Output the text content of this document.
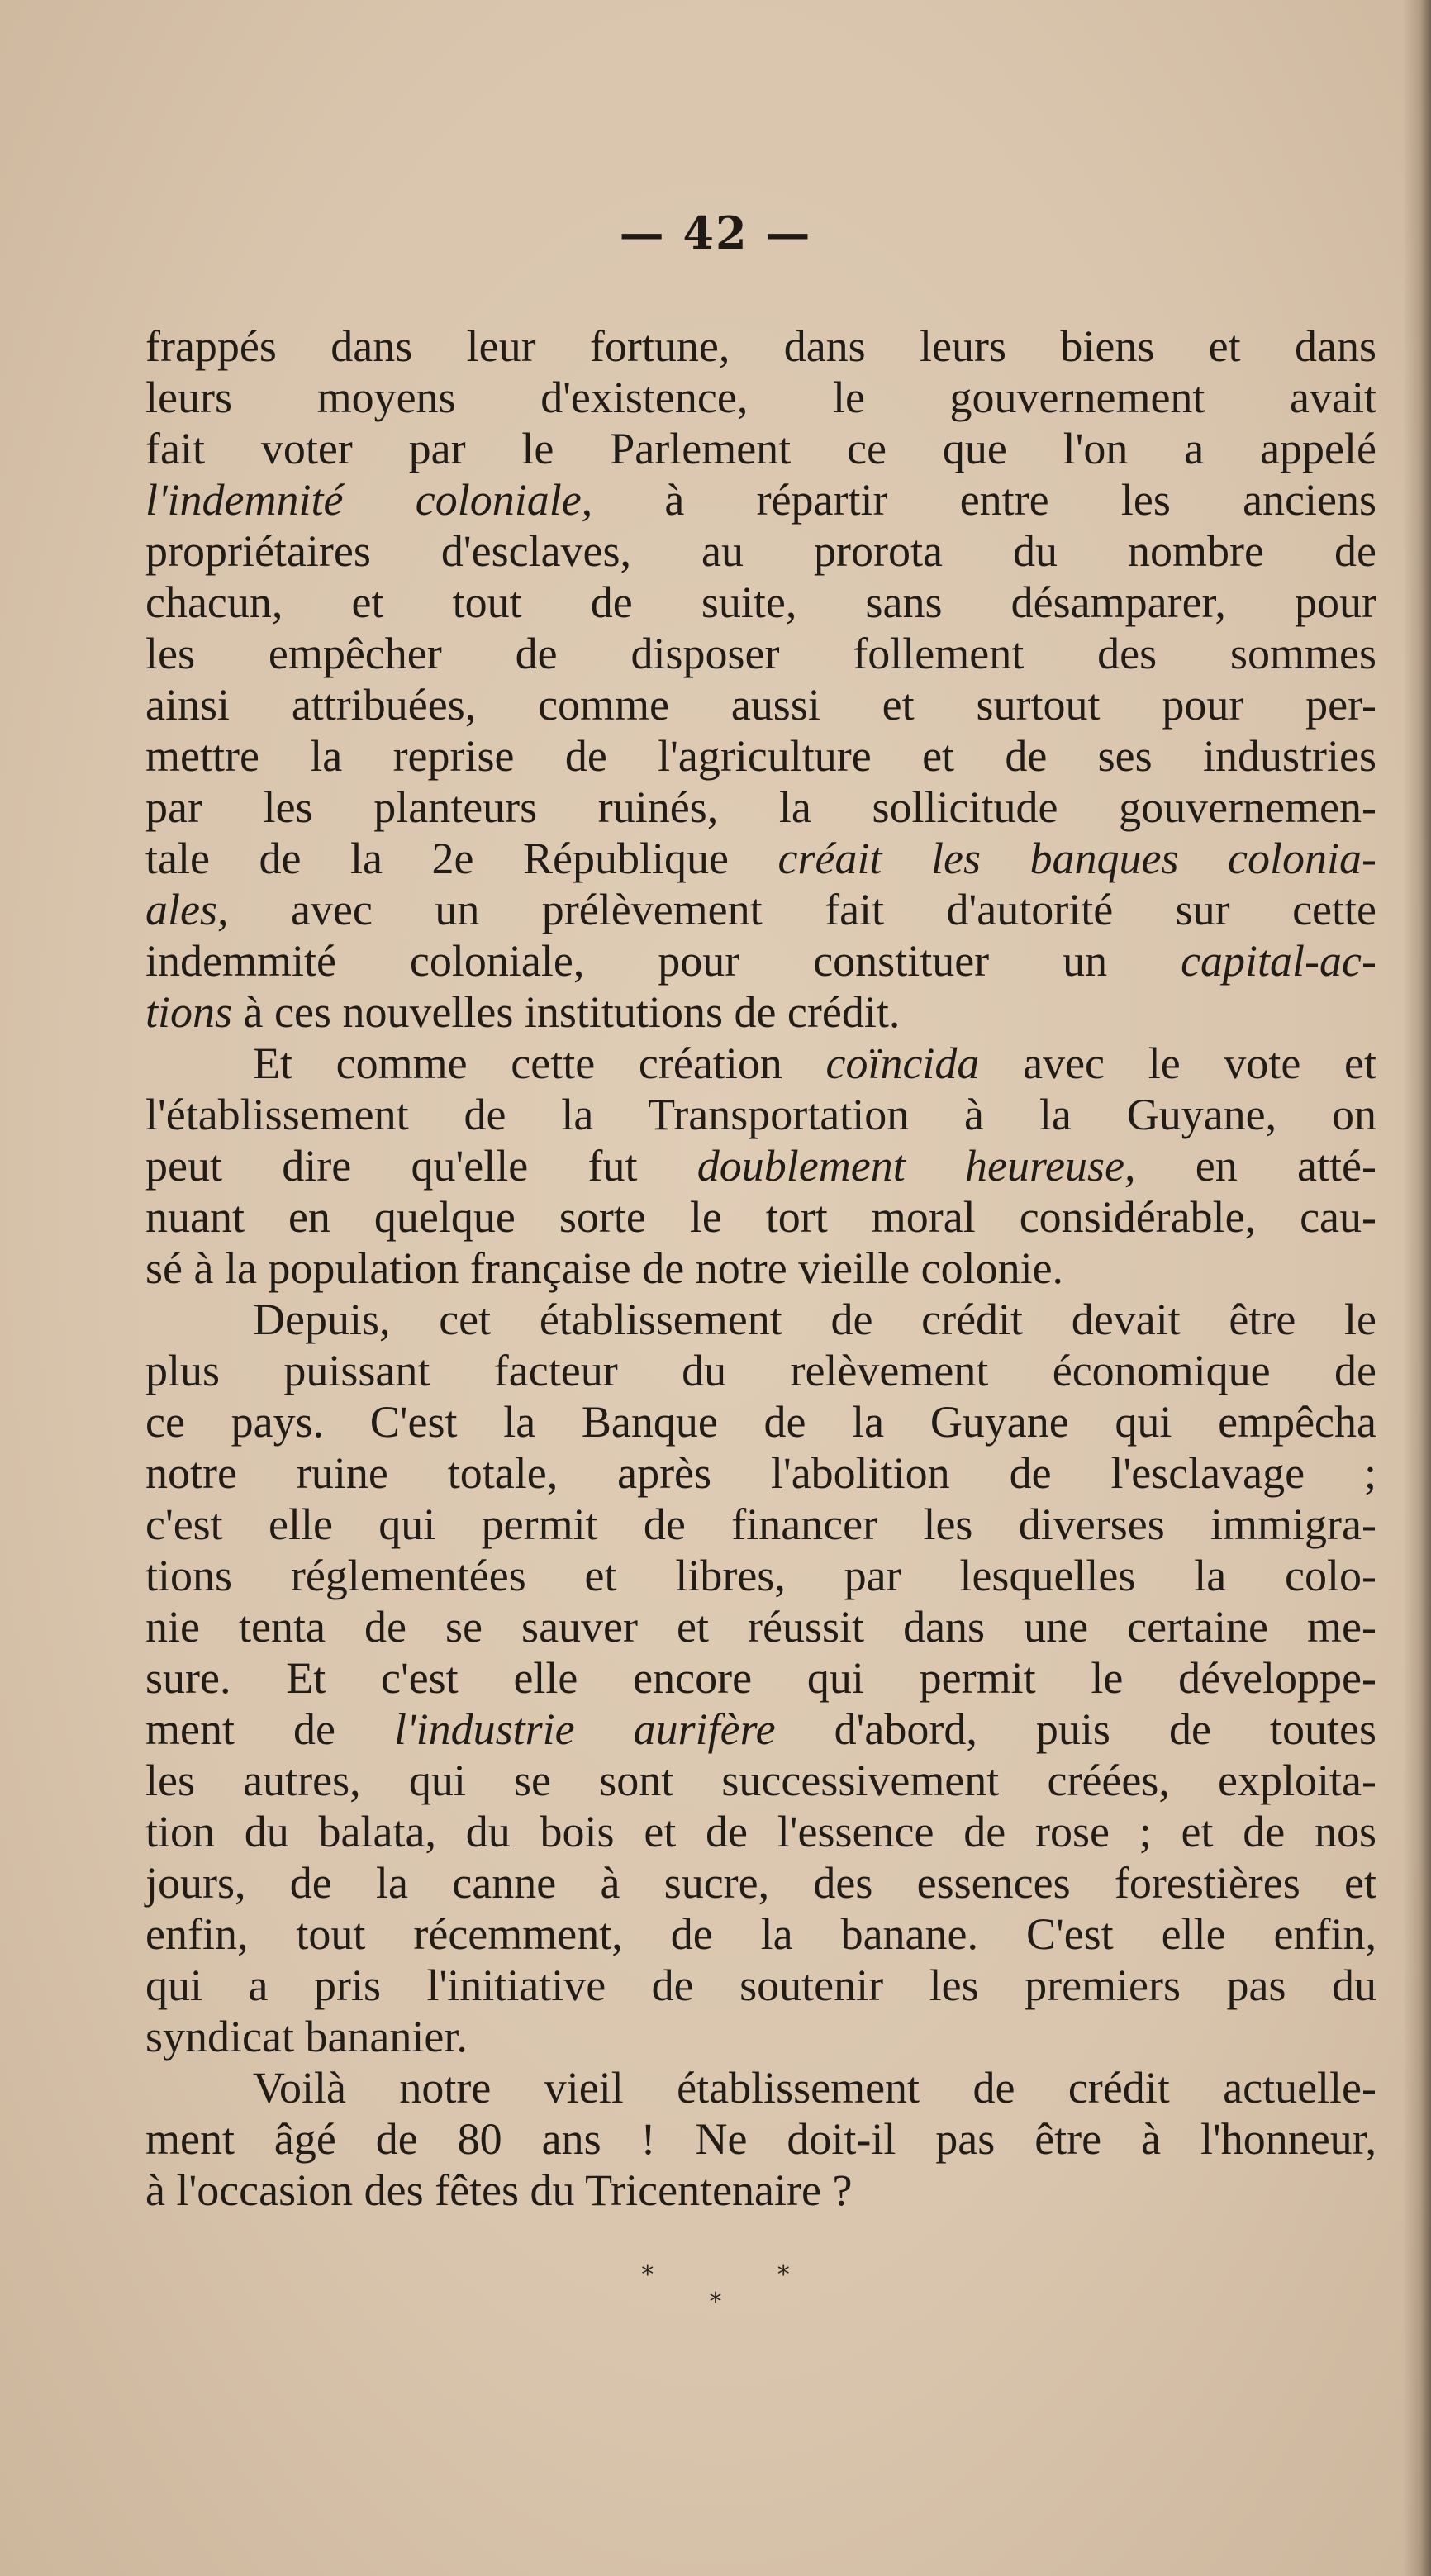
— 42 —
frappés dans leur fortune, dans leurs biens et dans
leurs moyens d'existence, le gouvernement avait
fait voter par le Parlement ce que l'on a appelé
l'indemnité coloniale, à répartir entre les anciens
propriétaires d'esclaves, au prorota du nombre de
chacun, et tout de suite, sans désamparer, pour
les empêcher de disposer follement des sommes
ainsi attribuées, comme aussi et surtout pour per-
mettre la reprise de l'agriculture et de ses industries
par les planteurs ruinés, la sollicitude gouvernemen-
tale de la 2e République créait les banques colonia-
ales, avec un prélèvement fait d'autorité sur cette
indemmité coloniale, pour constituer un capital-ac-
tions à ces nouvelles institutions de crédit.
Et comme cette création coïncida avec le vote et
l'établissement de la Transportation à la Guyane, on
peut dire qu'elle fut doublement heureuse, en atté-
nuant en quelque sorte le tort moral considérable, cau-
sé à la population française de notre vieille colonie.
Depuis, cet établissement de crédit devait être le
plus puissant facteur du relèvement économique de
ce pays. C'est la Banque de la Guyane qui empêcha
notre ruine totale, après l'abolition de l'esclavage ;
c'est elle qui permit de financer les diverses immigra-
tions réglementées et libres, par lesquelles la colo-
nie tenta de se sauver et réussit dans une certaine me-
sure. Et c'est elle encore qui permit le développe-
ment de l'industrie aurifère d'abord, puis de toutes
les autres, qui se sont successivement créées, exploita-
tion du balata, du bois et de l'essence de rose ; et de nos
jours, de la canne à sucre, des essences forestières et
enfin, tout récemment, de la banane. C'est elle enfin,
qui a pris l'initiative de soutenir les premiers pas du
syndicat bananier.
Voilà notre vieil établissement de crédit actuelle-
ment âgé de 80 ans ! Ne doit-il pas être à l'honneur,
à l'occasion des fêtes du Tricentenaire ?
* *
*
